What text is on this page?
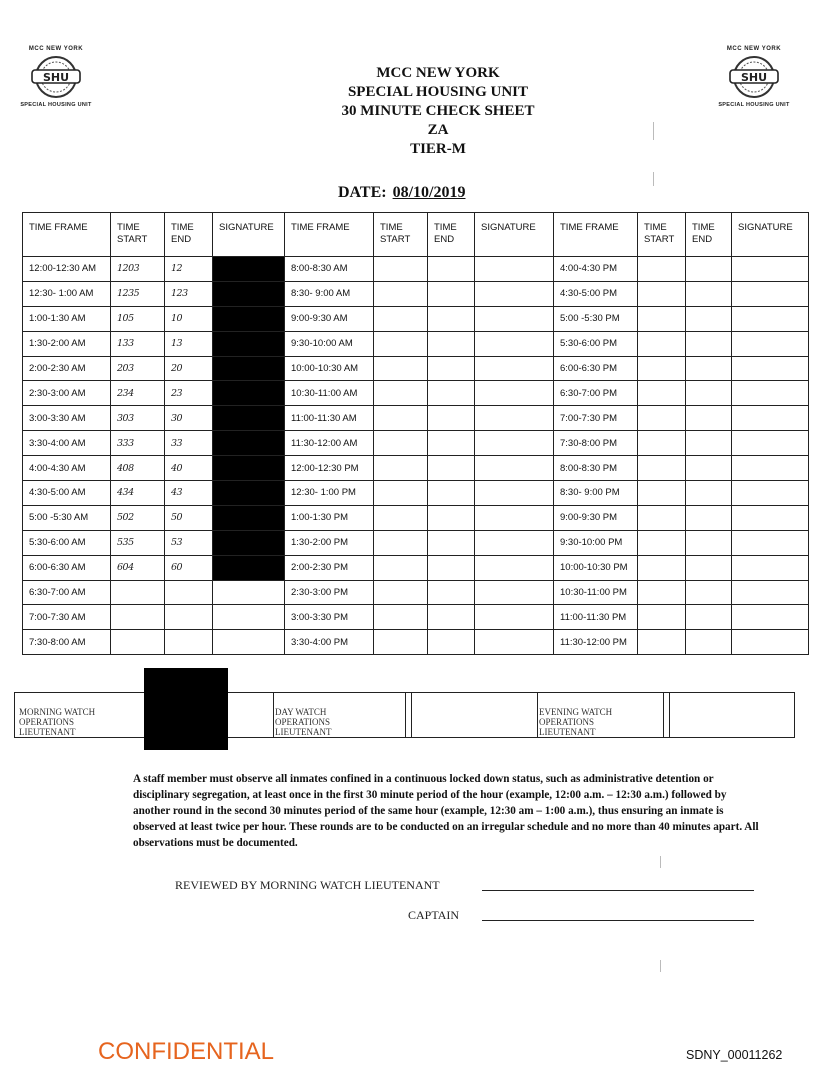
MCC NEW YORK
SHU
SPECIAL HOUSING UNIT
MCC NEW YORK
SHU
SPECIAL HOUSING UNIT
MCC NEW YORK
SPECIAL HOUSING UNIT
30 MINUTE CHECK SHEET
ZA
TIER-M
DATE: 08/10/2019
TIME FRAME	TIME START	TIME END	SIGNATURE	TIME FRAME	TIME START	TIME END	SIGNATURE	TIME FRAME	TIME START	TIME END	SIGNATURE
12:00-12:30 AM	1203	12		8:00-8:30 AM				4:00-4:30 PM			
12:30- 1:00 AM	1235	123		8:30- 9:00 AM				4:30-5:00 PM			
1:00-1:30 AM	105	10		9:00-9:30 AM				5:00 -5:30 PM			
1:30-2:00 AM	133	13		9:30-10:00 AM				5:30-6:00 PM			
2:00-2:30 AM	203	20		10:00-10:30 AM				6:00-6:30 PM			
2:30-3:00 AM	234	23		10:30-11:00 AM				6:30-7:00 PM			
3:00-3:30 AM	303	30		11:00-11:30 AM				7:00-7:30 PM			
3:30-4:00 AM	333	33		11:30-12:00 AM				7:30-8:00 PM			
4:00-4:30 AM	408	40		12:00-12:30 PM				8:00-8:30 PM			
4:30-5:00 AM	434	43		12:30- 1:00 PM				8:30- 9:00 PM			
5:00 -5:30 AM	502	50		1:00-1:30 PM				9:00-9:30 PM			
5:30-6:00 AM	535	53		1:30-2:00 PM				9:30-10:00 PM			
6:00-6:30 AM	604	60		2:00-2:30 PM				10:00-10:30 PM			
6:30-7:00 AM				2:30-3:00 PM				10:30-11:00 PM			
7:00-7:30 AM				3:00-3:30 PM				11:00-11:30 PM			
7:30-8:00 AM				3:30-4:00 PM				11:30-12:00 PM			
MORNING WATCH OPERATIONS LIEUTENANT
DAY WATCH OPERATIONS LIEUTENANT
EVENING WATCH OPERATIONS LIEUTENANT
A staff member must observe all inmates confined in a continuous locked down status, such as administrative detention or disciplinary segregation, at least once in the first 30 minute period of the hour (example, 12:00 a.m. – 12:30 a.m.) followed by another round in the second 30 minutes period of the same hour (example, 12:30 am – 1:00 a.m.), thus ensuring an inmate is observed at least twice per hour. These rounds are to be conducted on an irregular schedule and no more than 40 minutes apart. All observations must be documented.
REVIEWED BY MORNING WATCH LIEUTENANT
CAPTAIN
CONFIDENTIAL	SDNY_00011262
